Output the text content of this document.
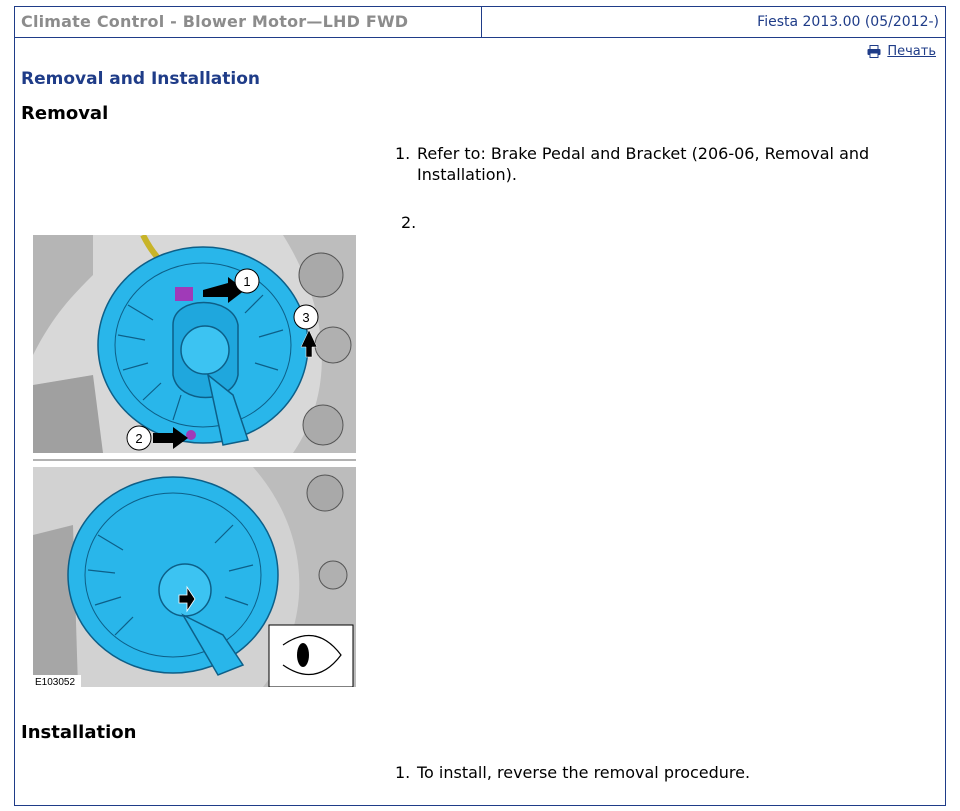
Climate Control - Blower Motor—LHD FWD	Fiesta 2013.00 (05/2012-)
Печать
Removal and Installation
Removal
1. Refer to: Brake Pedal and Bracket (206-06, Removal and Installation).
2.
1
2
3
E103052
Installation
1. To install, reverse the removal procedure.
